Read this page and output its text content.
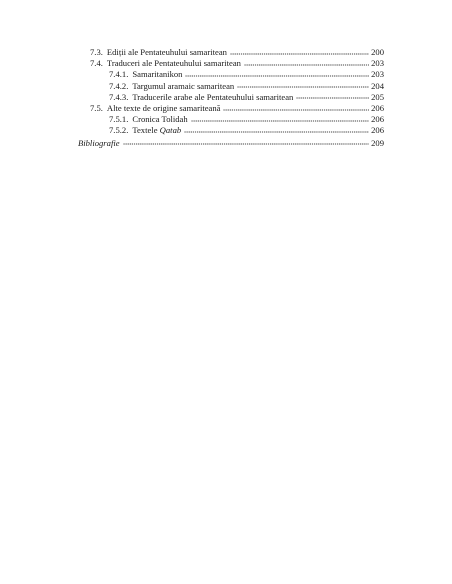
7.3. Ediții ale Pentateuhului samaritean	200
7.4. Traduceri ale Pentateuhului samaritean	203
7.4.1. Samaritanikon	203
7.4.2. Targumul aramaic samaritean	204
7.4.3. Traducerile arabe ale Pentateuhului samaritean	205
7.5. Alte texte de origine samariteană	206
7.5.1. Cronica Tolidah	206
7.5.2. Textele Qatab	206
Bibliografie	209
